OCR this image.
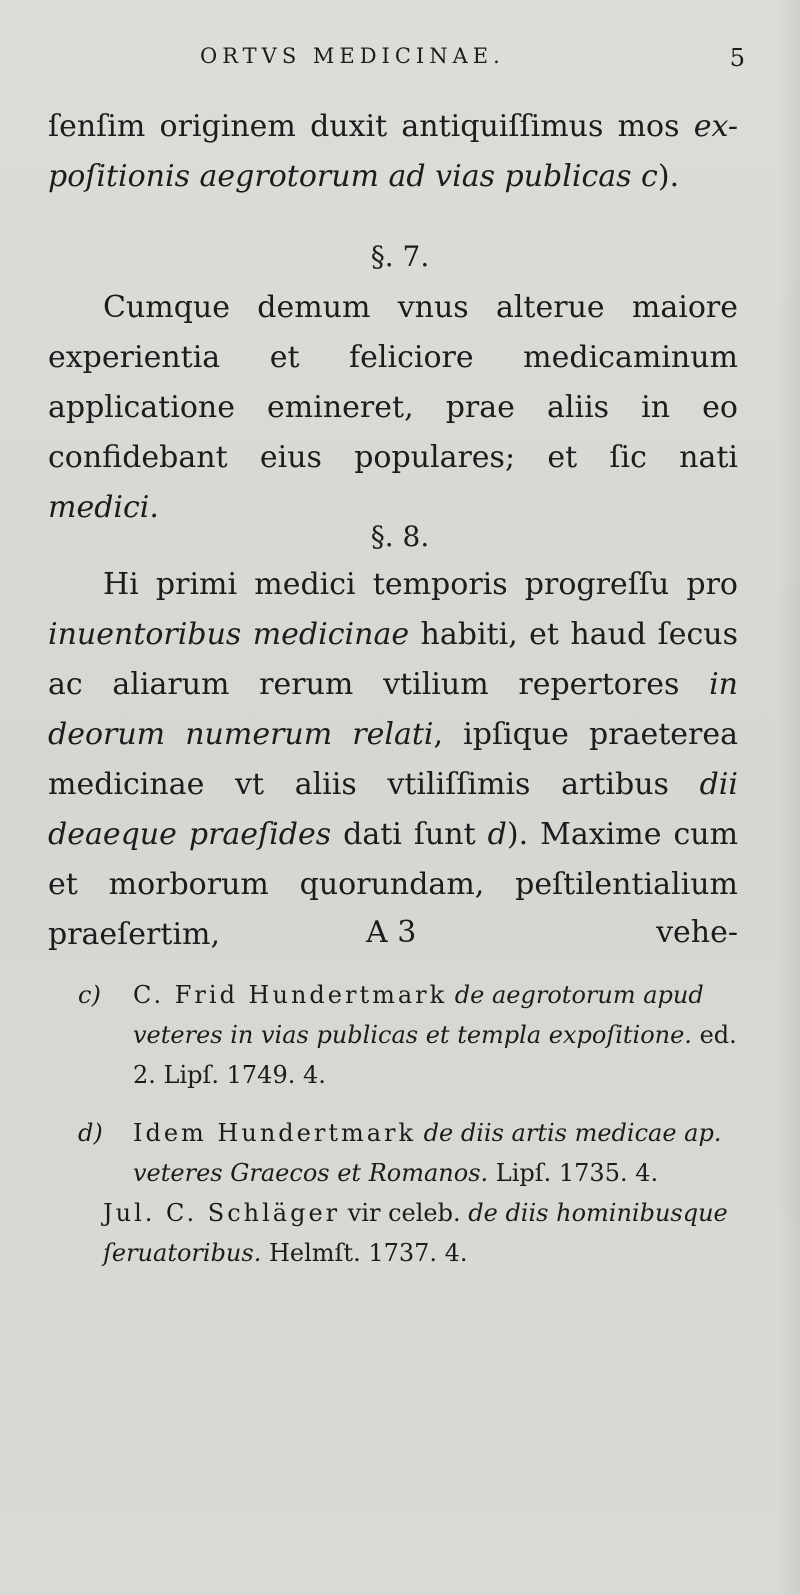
ORTVS MEDICINAE.	5

ſenſim originem duxit antiquiſſimus mos ex- poſitionis aegrotorum ad vias publicas c).

§. 7.

Cumque demum vnus alterue maiore experientia et feliciore medicaminum applicatione emineret, prae aliis in eo confidebant eius populares; et ſic nati medici.

§. 8.

Hi primi medici temporis progreſſu pro inuentoribus medicinae habiti, et haud ſecus ac aliarum rerum vtilium repertores in deorum numerum relati, ipſique praeterea medicinae vt aliis vtiliſſimis artibus dii deaeque praeſides dati ſunt d). Maxime cum et morborum quorundam, peſtilentialium praeſertim,	A 3	vehe-
c) C. Frid Hundertmark de aegrotorum apud veteres in vias publicas et templa expoſitione. ed. 2. Lipſ. 1749. 4.
d) Idem Hundertmark de diis artis medicae ap. veteres Graecos et Romanos. Lipſ. 1735. 4.
Jul. C. Schläger vir celeb. de diis hominibusque ſeruatoribus. Helmſt. 1737. 4.
